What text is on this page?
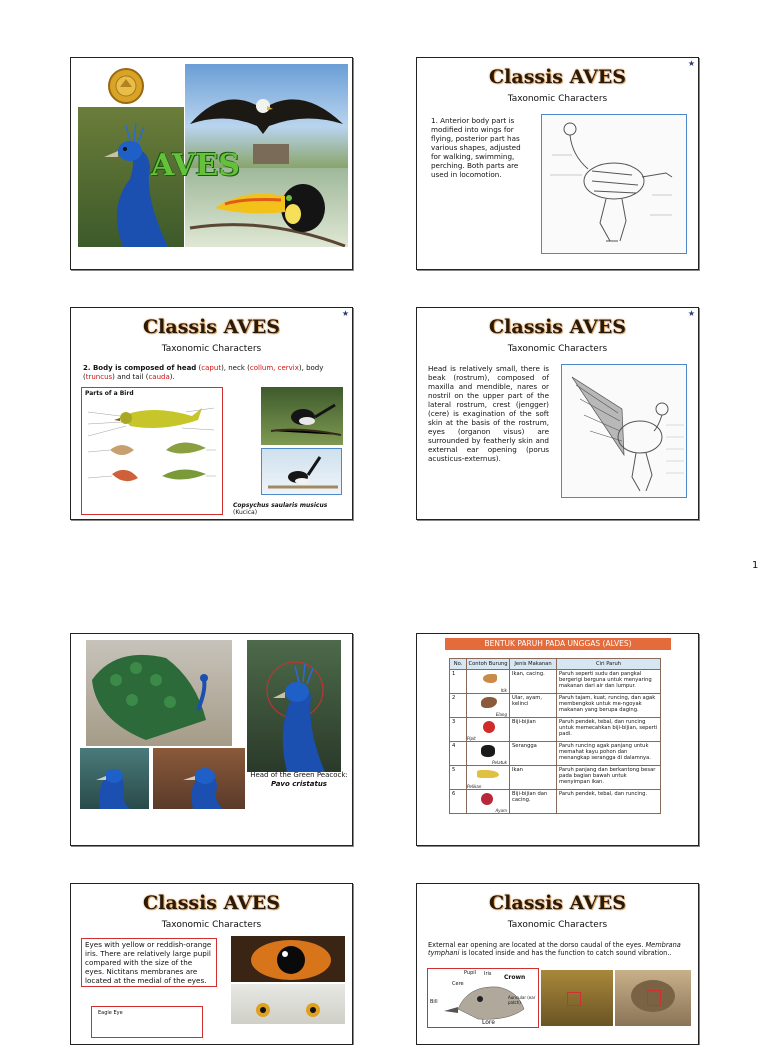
AVES
★
Classis AVES
Taxonomic Characters
1. Anterior body part is modified into wings for flying, posterior part has various shapes, adjusted for walking, swimming, perching. Both parts are used in locomotion.
★
Classis AVES
Taxonomic Characters
2. Body is composed of head (caput), neck (collum, cervix), body (truncus) and tail (cauda).
Parts of a Bird
Copsychus saularis musicus (Kucica)
★
Classis AVES
Taxonomic Characters
Head is relatively small, there is beak (rostrum), composed of maxilla and mendible, nares or nostril on the upper part of the lateral rostrum, crest (jengger) (cere) is exagination of the soft skin at the basis of the rostrum, eyes (organon visus) are surrounded by featherly skin and external ear opening (porus acusticus-externus).
1
Head of the Green Peacock:
Pavo cristatus
BENTUK PARUH PADA UNGGAS (ALVES)
No.	Contoh Burung	Jenis Makanan	Ciri Paruh
1	Itik	Ikan, cacing.	Paruh seperti sudu dan pangkal bergerigi berguna untuk menyaring makanan dari air dan lumpur.
2	Elang	Ular, ayam, kelinci	Paruh tajam, kuat, runcing, dan agak membengkok untuk me-ngoyak makanan yang berupa daging.
3	Pipit	Biji-bijian	Paruh pendek, tebal, dan runcing untuk memecahkan biji-bijian, seperti padi.
4	Pelatuk	Serangga	Paruh runcing agak panjang untuk memahat kayu pohon dan menangkap serangga di dalamnya.
5	Pelikan	Ikan	Paruh panjang dan berkantong besar pada bagian bawah untuk menyimpan ikan.
6	Ayam	Biji-bijian dan cacing.	Paruh pendek, tebal, dan runcing.
Classis AVES
Taxonomic Characters
Eyes with yellow or reddish-orange iris. There are relatively large pupil compared with the size of the eyes. Nictitans membranes are located at the medial of the eyes.
Eagle Eye
Classis AVES
Taxonomic Characters
External ear opening are located at the dorso caudal of the eyes. Membrana tymphani is located inside and has the function to catch sound vibration..
Pupil Iris Crown
Cere
Bill
Auricular (ear patch)
Lore
